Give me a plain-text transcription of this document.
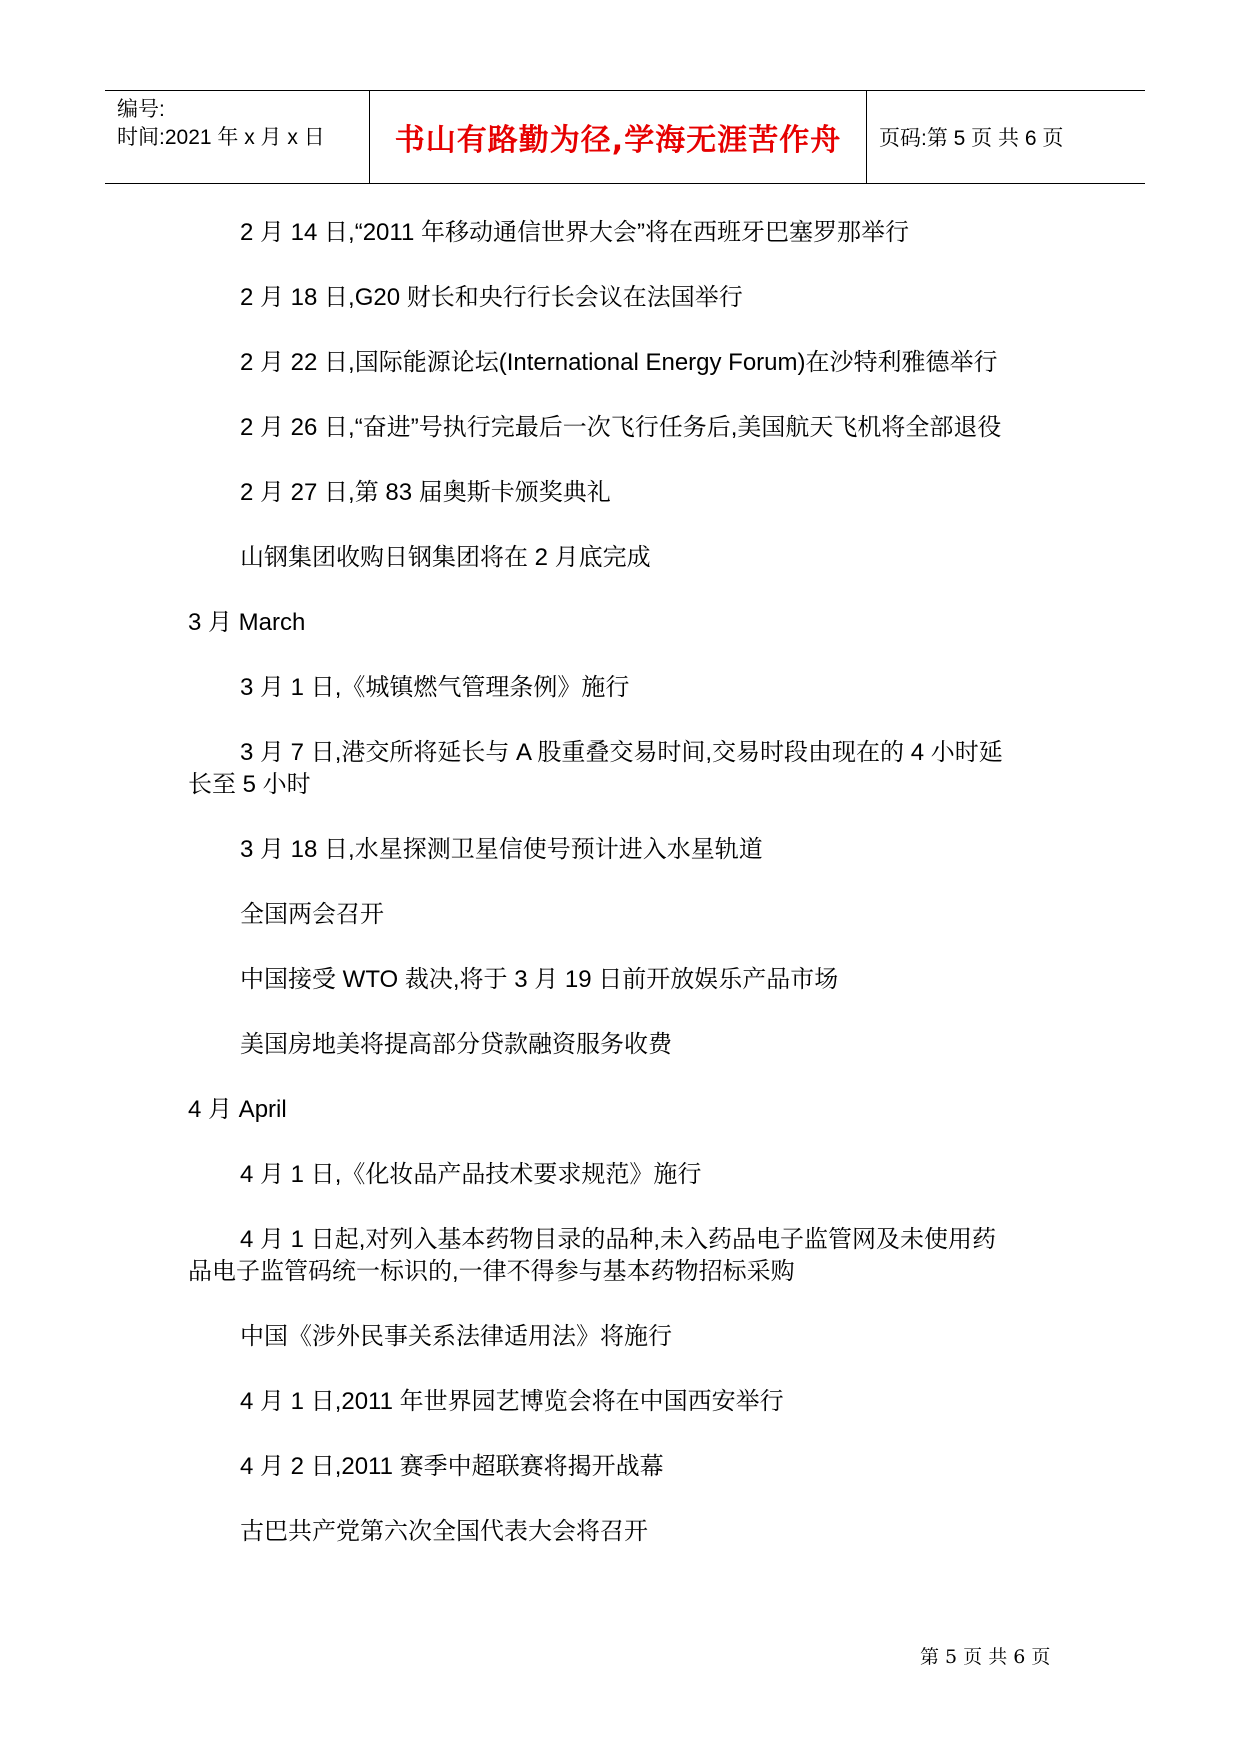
编号:
时间:2021 年 x 月 x 日 书山有路勤为径,学海无涯苦作舟	页码:第 5 页 共 6 页
2 月 14 日,“2011 年移动通信世界大会”将在西班牙巴塞罗那举行
2 月 18 日,G20 财长和央行行长会议在法国举行
2 月 22 日,国际能源论坛(International Energy Forum)在沙特利雅德举行
2 月 26 日,“奋进”号执行完最后一次飞行任务后,美国航天飞机将全部退役
2 月 27 日,第 83 届奥斯卡颁奖典礼
山钢集团收购日钢集团将在 2 月底完成
3 月 March
3 月 1 日,《城镇燃气管理条例》施行
3 月 7 日,港交所将延长与 A 股重叠交易时间,交易时段由现在的 4 小时延
长至 5 小时
3 月 18 日,水星探测卫星信使号预计进入水星轨道
全国两会召开
中国接受 WTO 裁决,将于 3 月 19 日前开放娱乐产品市场
美国房地美将提高部分贷款融资服务收费
4 月 April
4 月 1 日,《化妆品产品技术要求规范》施行
4 月 1 日起,对列入基本药物目录的品种,未入药品电子监管网及未使用药
品电子监管码统一标识的,一律不得参与基本药物招标采购
中国《涉外民事关系法律适用法》将施行
4 月 1 日,2011 年世界园艺博览会将在中国西安举行
4 月 2 日,2011 赛季中超联赛将揭开战幕
古巴共产党第六次全国代表大会将召开
第 5 页 共 6 页
